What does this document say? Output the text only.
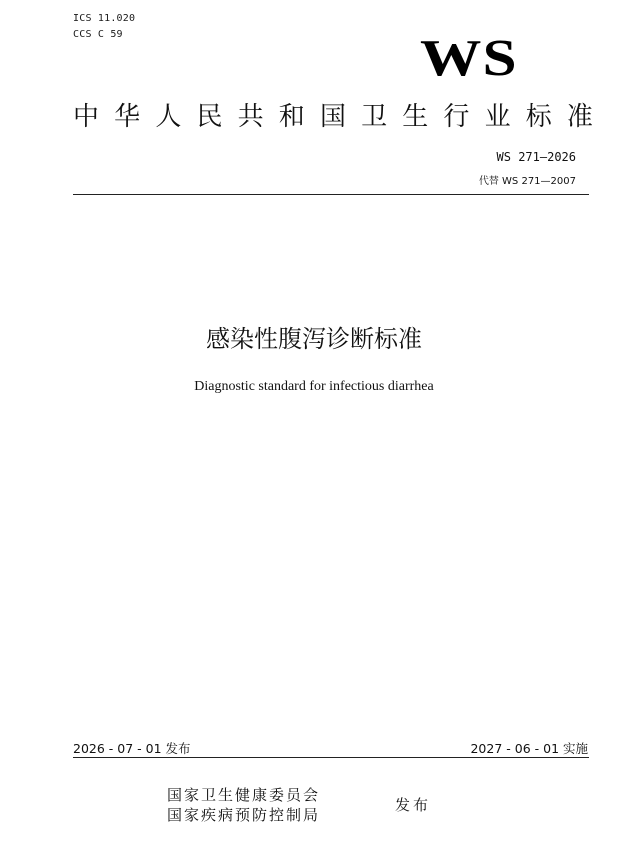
ICS 11.020
CCS C 59	WS
中 华 人 民 共 和 国 卫 生 行 业 标 准
WS 271—2026
代替 WS 271—2007
感染性腹泻诊断标准
Diagnostic standard for infectious diarrhea
2026 - 07 - 01 发布	2027 - 06 - 01 实施
国家卫生健康委员会
国家疾病预防控制局
发布
